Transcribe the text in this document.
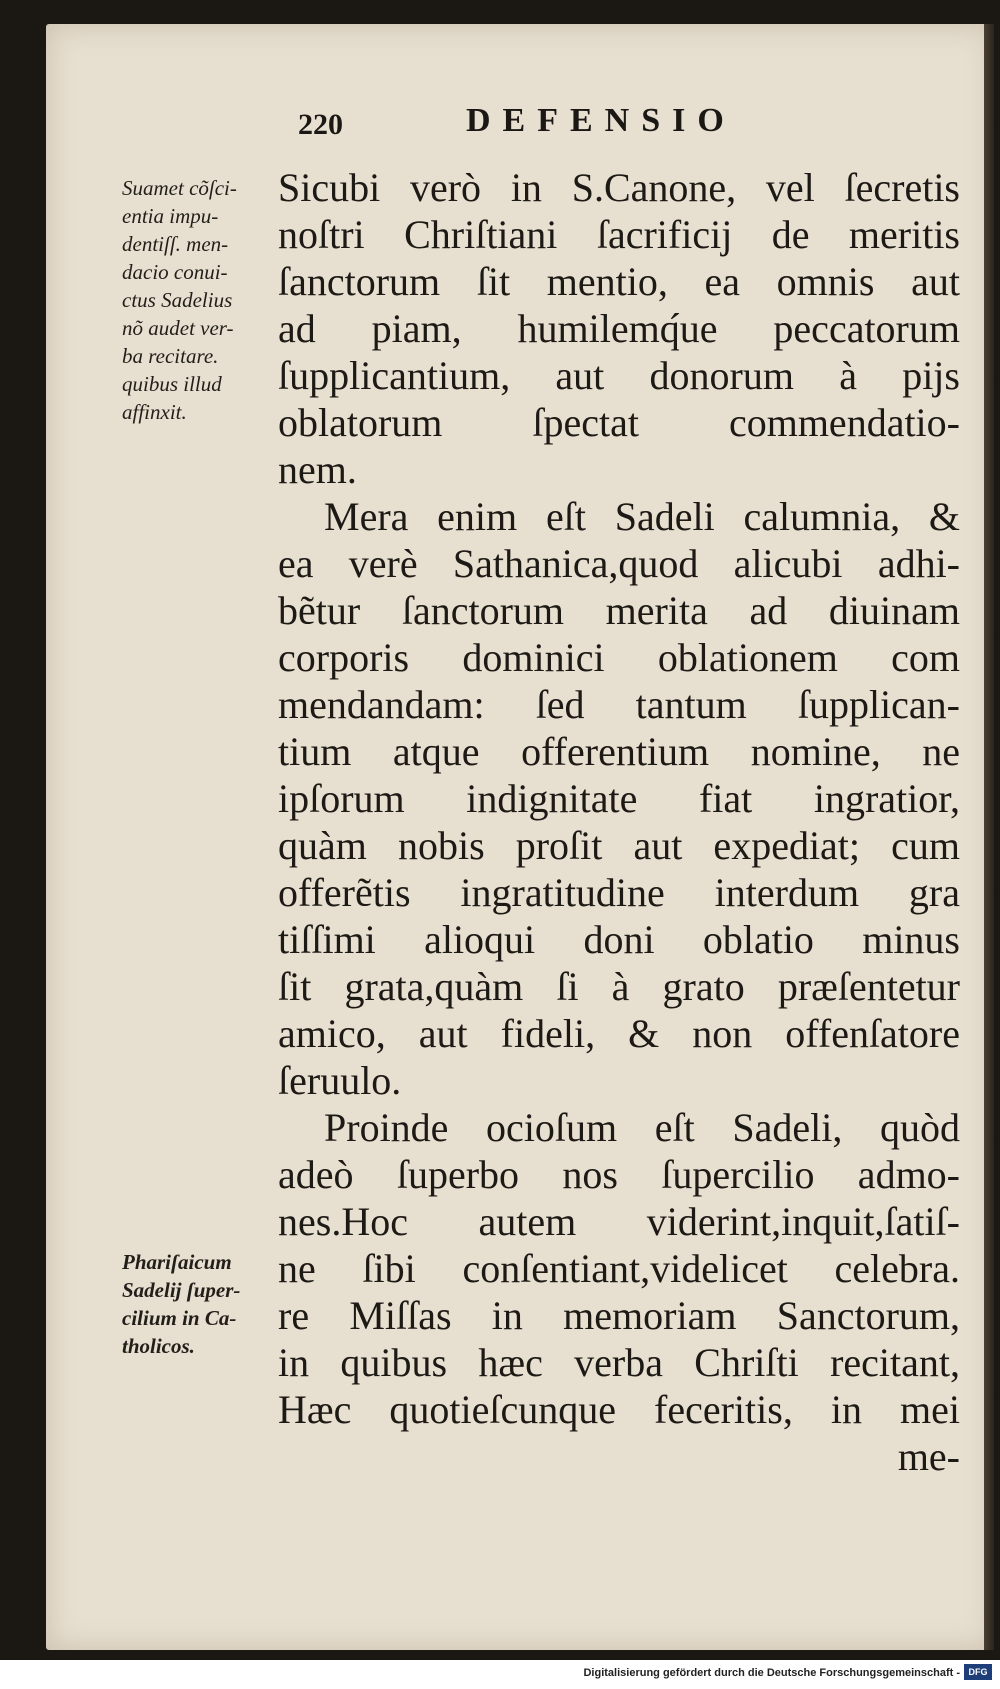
220	DEFENSIO
Suamet cõſci-
entia impu-
dentiſſ. men-
dacio conui-
ctus Sadelius
nõ audet ver-
ba recitare.
quibus illud
affinxit.
Phariſaicum
Sadelij ſuper-
cilium in Ca-
tholicos.
Sicubi verò in S.Canone, vel ſecretis
noſtri Chriſtiani ſacrificij de meritis
ſanctorum ſit mentio, ea omnis aut
ad piam, humilemq́ue peccatorum
ſupplicantium, aut donorum à pijs
oblatorum ſpectat commendatio-
nem.
Mera enim eſt Sadeli calumnia, &
ea verè Sathanica,quod alicubi adhi-
bẽtur ſanctorum merita ad diuinam
corporis dominici oblationem com
mendandam: ſed tantum ſupplican-
tium atque offerentium nomine, ne
ipſorum indignitate fiat ingratior,
quàm nobis proſit aut expediat; cum
offerẽtis ingratitudine interdum gra
tiſſimi alioqui doni oblatio minus
ſit grata,quàm ſi à grato præſentetur
amico, aut fideli, & non offenſatore
ſeruulo.
Proinde ocioſum eſt Sadeli, quòd
adeò ſuperbo nos ſupercilio admo-
nes.Hoc autem viderint,inquit,ſatiſ-
ne ſibi conſentiant,videlicet celebra.
re Miſſas in memoriam Sanctorum,
in quibus hæc verba Chriſti recitant,
Hæc quotieſcunque feceritis, in mei
me-
Digitalisierung gefördert durch die Deutsche Forschungsgemeinschaft - DFG
